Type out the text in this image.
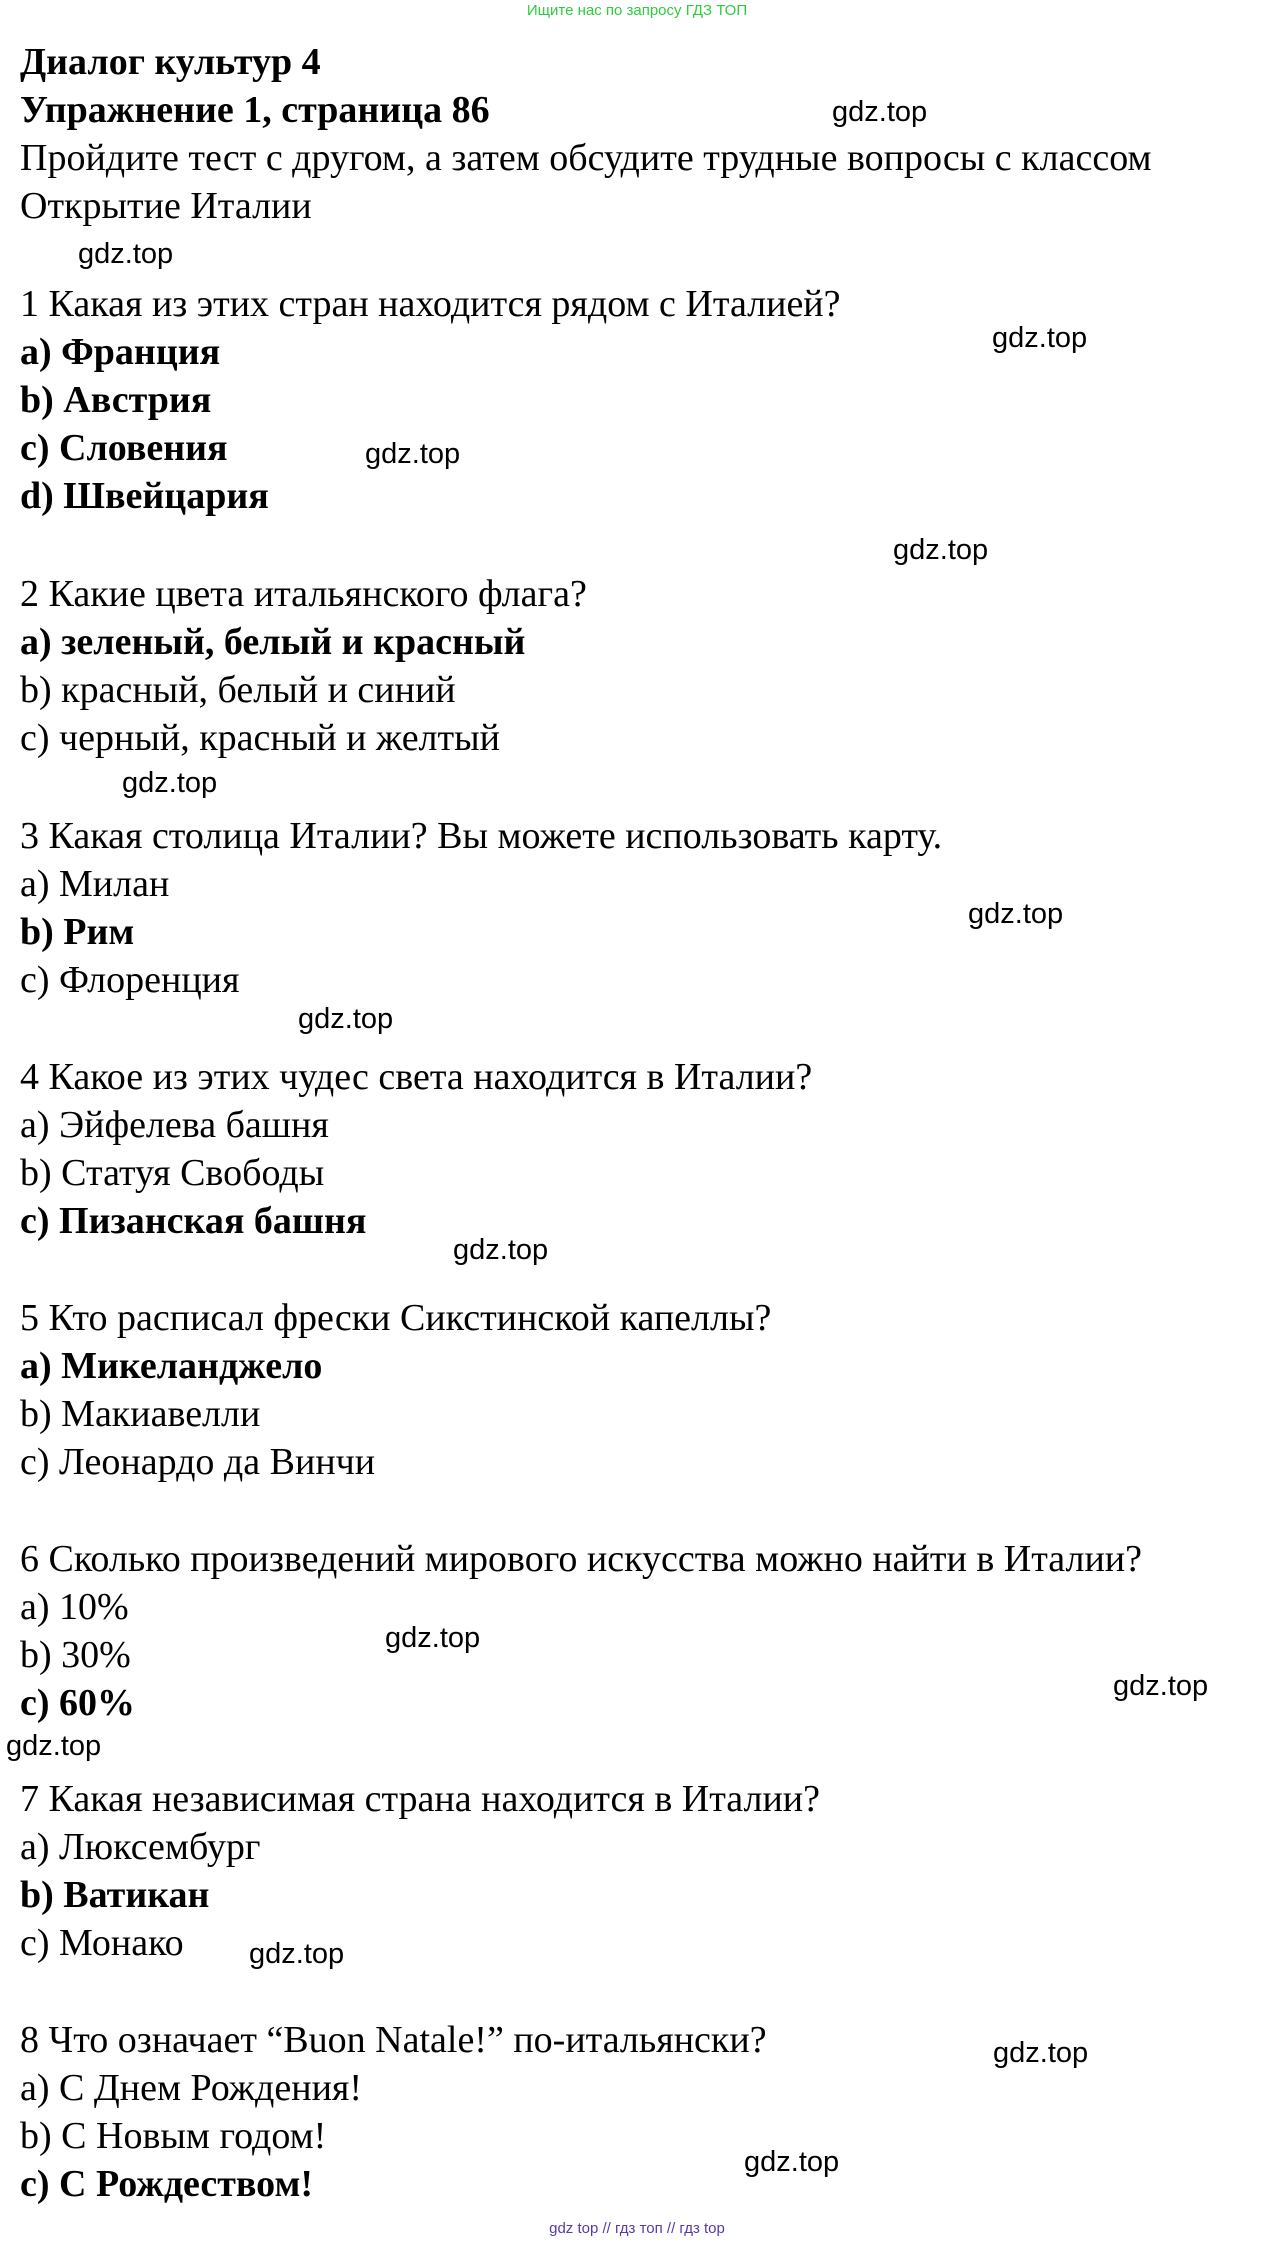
Ищите нас по запросу ГДЗ ТОП
Диалог культур 4
Упражнение 1, страница 86
Пройдите тест с другом, а затем обсудите трудные вопросы с классом
Открытие Италии
1 Какая из этих стран находится рядом с Италией?
a) Франция
b) Австрия
c) Словения
d) Швейцария
2 Какие цвета итальянского флага?
a) зеленый, белый и красный
b) красный, белый и синий
c) черный, красный и желтый
3 Какая столица Италии? Вы можете использовать карту.
a) Милан
b) Рим
c) Флоренция
4 Какое из этих чудес света находится в Италии?
a) Эйфелева башня
b) Статуя Свободы
c) Пизанская башня
5 Кто расписал фрески Сикстинской капеллы?
a) Микеланджело
b) Макиавелли
c) Леонардо да Винчи
6 Сколько произведений мирового искусства можно найти в Италии?
a) 10%
b) 30%
c) 60%
7 Какая независимая страна находится в Италии?
a) Люксембург
b) Ватикан
c) Монако
8 Что означает “Buon Natale!” по-итальянски?
a) С Днем Рождения!
b) С Новым годом!
c) С Рождеством!
gdz.top
gdz.top
gdz.top
gdz.top
gdz.top
gdz.top
gdz.top
gdz.top
gdz.top
gdz.top
gdz.top
gdz.top
gdz.top
gdz.top
gdz.top
gdz top // гдз топ // гдз top
